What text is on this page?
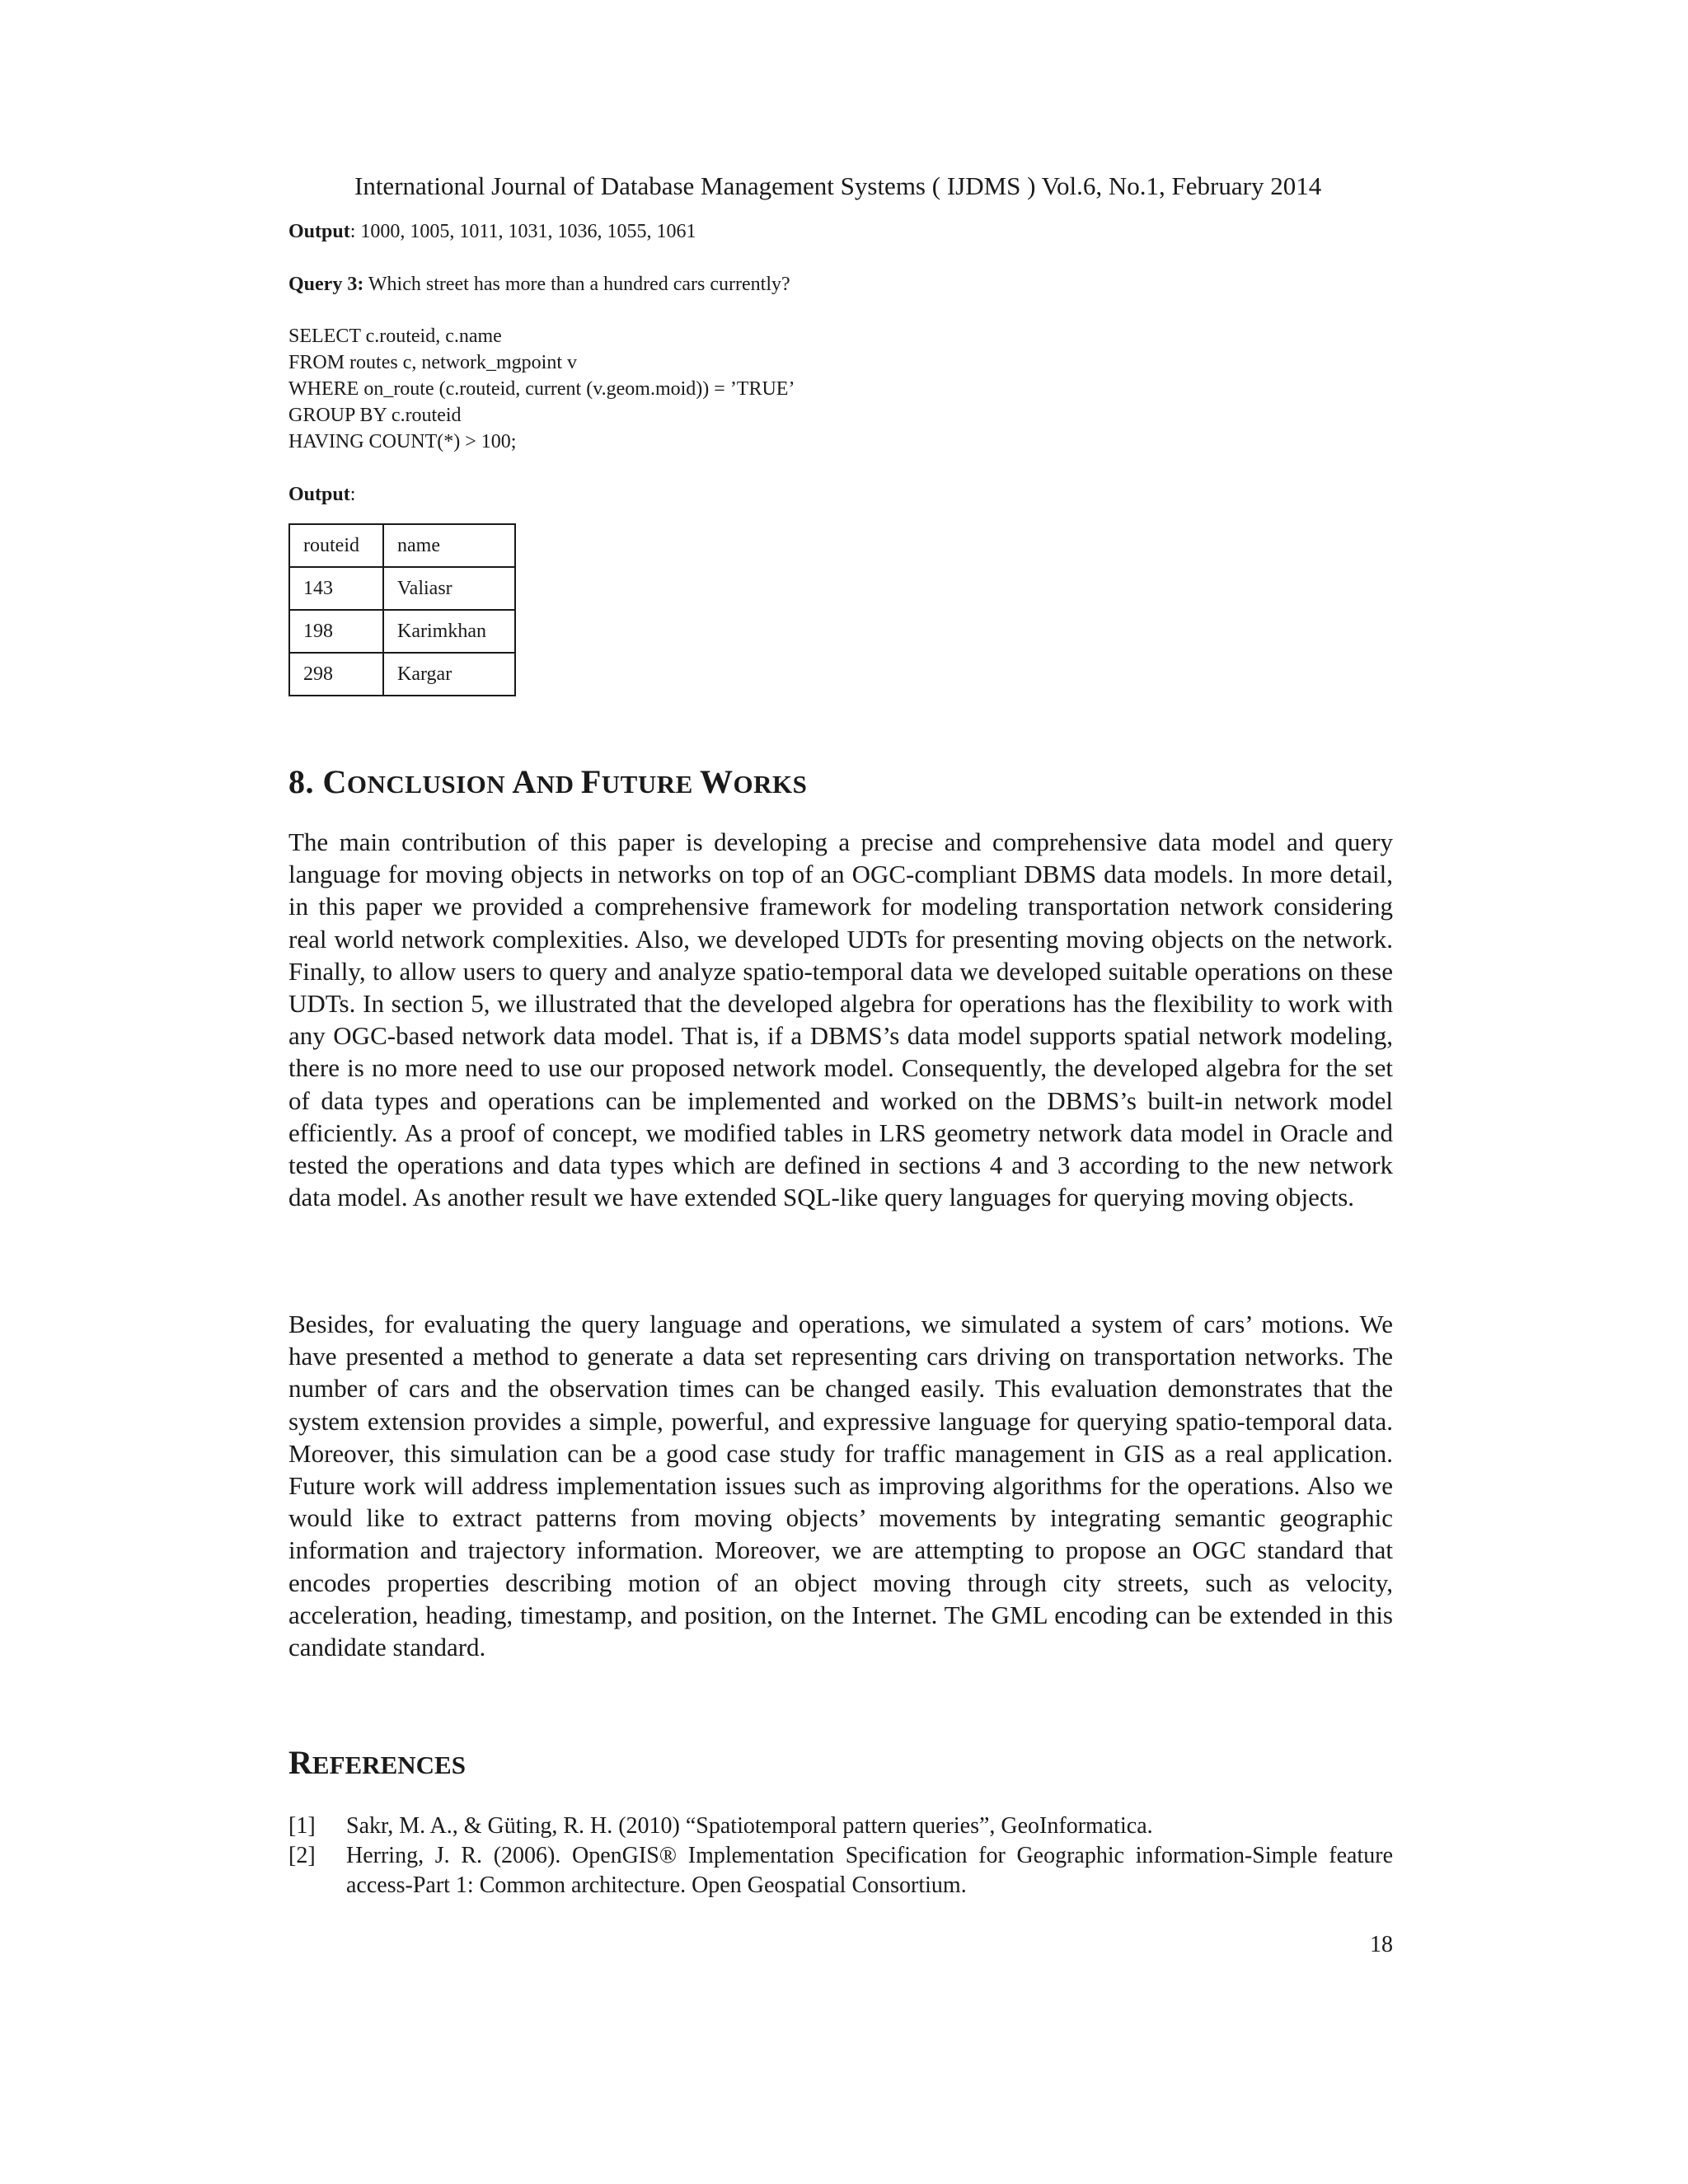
International Journal of Database Management Systems ( IJDMS ) Vol.6, No.1, February 2014
Output: 1000, 1005, 1011, 1031, 1036, 1055, 1061
Query 3: Which street has more than a hundred cars currently?
SELECT c.routeid, c.name
FROM routes c, network_mgpoint v
WHERE on_route (c.routeid, current (v.geom.moid)) = ’TRUE’
GROUP BY c.routeid
HAVING COUNT(*) > 100;
Output:
routeid	name
143	Valiasr
198	Karimkhan
298	Kargar
8. CONCLUSION AND FUTURE WORKS
The main contribution of this paper is developing a precise and comprehensive data model and query language for moving objects in networks on top of an OGC-compliant DBMS data models. In more detail, in this paper we provided a comprehensive framework for modeling transportation network considering real world network complexities. Also, we developed UDTs for presenting moving objects on the network. Finally, to allow users to query and analyze spatio-temporal data we developed suitable operations on these UDTs. In section 5, we illustrated that the developed algebra for operations has the flexibility to work with any OGC-based network data model. That is, if a DBMS’s data model supports spatial network modeling, there is no more need to use our proposed network model. Consequently, the developed algebra for the set of data types and operations can be implemented and worked on the DBMS’s built-in network model efficiently. As a proof of concept, we modified tables in LRS geometry network data model in Oracle and tested the operations and data types which are defined in sections 4 and 3 according to the new network data model. As another result we have extended SQL-like query languages for querying moving objects.
Besides, for evaluating the query language and operations, we simulated a system of cars’ motions. We have presented a method to generate a data set representing cars driving on transportation networks. The number of cars and the observation times can be changed easily. This evaluation demonstrates that the system extension provides a simple, powerful, and expressive language for querying spatio-temporal data. Moreover, this simulation can be a good case study for traffic management in GIS as a real application. Future work will address implementation issues such as improving algorithms for the operations. Also we would like to extract patterns from moving objects’ movements by integrating semantic geographic information and trajectory information. Moreover, we are attempting to propose an OGC standard that encodes properties describing motion of an object moving through city streets, such as velocity, acceleration, heading, timestamp, and position, on the Internet. The GML encoding can be extended in this candidate standard.
REFERENCES
[1]	Sakr, M. A., & Güting, R. H. (2010) “Spatiotemporal pattern queries”, GeoInformatica.
[2]	Herring, J. R. (2006). OpenGIS® Implementation Specification for Geographic information-Simple feature access-Part 1: Common architecture. Open Geospatial Consortium.
18
